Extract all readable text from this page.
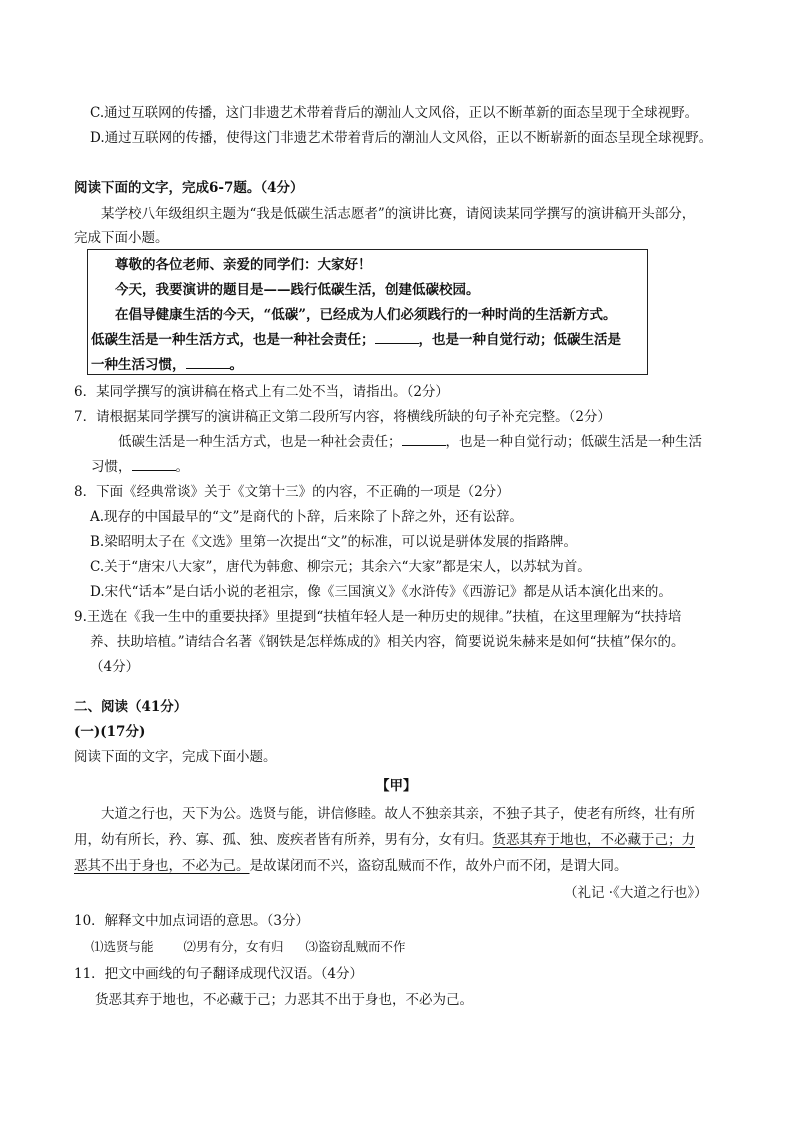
C.通过互联网的传播，这门非遗艺术带着背后的潮汕人文风俗，正以不断革新的面态呈现于全球视野。
D.通过互联网的传播，使得这门非遗艺术带着背后的潮汕人文风俗，正以不断崭新的面态呈现全球视野。
阅读下面的文字，完成6-7题。（4分）
某学校八年级组织主题为“我是低碳生活志愿者”的演讲比赛，请阅读某同学撰写的演讲稿开头部分，
完成下面小题。
尊敬的各位老师、亲爱的同学们：大家好！
今天，我要演讲的题目是——践行低碳生活，创建低碳校园。
在倡导健康生活的今天，“低碳”，已经成为人们必须践行的一种时尚的生活新方式。
低碳生活是一种生活方式，也是一种社会责任；	，也是一种自觉行动；低碳生活是
一种生活习惯，	。
6．某同学撰写的演讲稿在格式上有二处不当，请指出。（2分）
7．请根据某同学撰写的演讲稿正文第二段所写内容，将横线所缺的句子补充完整。（2分）
低碳生活是一种生活方式，也是一种社会责任；	，也是一种自觉行动；低碳生活是一种生活
习惯，	。
8．下面《经典常谈》关于《文第十三》的内容，不正确的一项是（2分）
A.现存的中国最早的“文”是商代的卜辞，后来除了卜辞之外，还有讼辞。
B.梁昭明太子在《文选》里第一次提出“文”的标准，可以说是骈体发展的指路牌。
C.关于“唐宋八大家”，唐代为韩愈、柳宗元；其余六“大家”都是宋人，以苏轼为首。
D.宋代“话本”是白话小说的老祖宗，像《三国演义》《水浒传》《西游记》都是从话本演化出来的。
9.王选在《我一生中的重要抉择》里提到“扶植年轻人是一种历史的规律。”扶植，在这里理解为“扶持培
养、扶助培植。”请结合名著《钢铁是怎样炼成的》相关内容，简要说说朱赫来是如何“扶植”保尔的。
（4分）
二、阅读（41分）
(一)(17分)
阅读下面的文字，完成下面小题。
【甲】
大道之行也，天下为公。选贤与能，讲信修睦。故人不独亲其亲，不独子其子，使老有所终，壮有所
用，幼有所长，矜、寡、孤、独、废疾者皆有所养，男有分，女有归。货恶其弃于地也，不必藏于己；力
恶其不出于身也，不必为己。是故谋闭而不兴，盗窃乱贼而不作，故外户而不闭，是谓大同。
（礼记 ·《大道之行也》）
10．解释文中加点词语的意思。（3分）
⑴选贤与能 ⑵男有分，女有归 ⑶盗窃乱贼而不作
11．把文中画线的句子翻译成现代汉语。（4分）
货恶其弃于地也，不必藏于己；力恶其不出于身也，不必为己。
